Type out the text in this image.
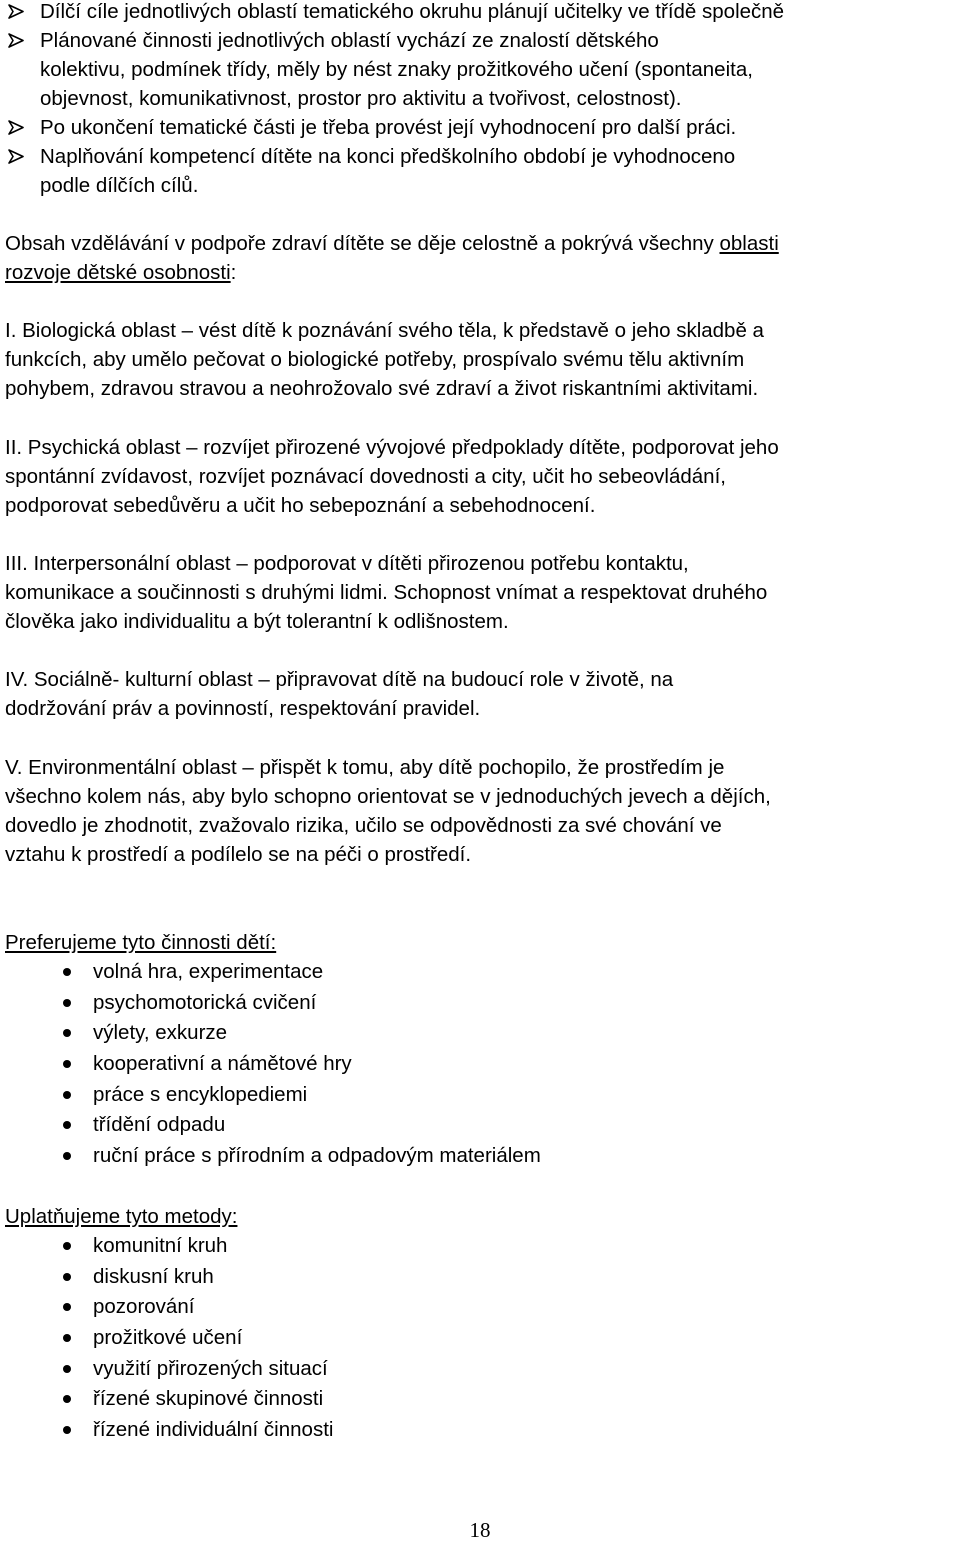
Dílčí cíle jednotlivých oblastí tematického okruhu plánují učitelky ve třídě společně
Plánované činnosti jednotlivých oblastí vychází ze znalostí dětského
kolektivu, podmínek třídy, měly by nést znaky prožitkového učení (spontaneita,
objevnost, komunikativnost, prostor pro aktivitu a tvořivost, celostnost).
Po ukončení tematické části je třeba provést její vyhodnocení pro další práci.
Naplňování kompetencí dítěte na konci předškolního období je vyhodnoceno
podle dílčích cílů.
Obsah vzdělávání v podpoře zdraví dítěte se děje celostně a pokrývá všechny oblasti
rozvoje dětské osobnosti:
I. Biologická oblast – vést dítě k poznávání svého těla, k představě o jeho skladbě a
funkcích, aby umělo pečovat o biologické potřeby, prospívalo svému tělu aktivním
pohybem, zdravou stravou a neohrožovalo své zdraví a život riskantními aktivitami.
II. Psychická oblast – rozvíjet přirozené vývojové předpoklady dítěte, podporovat jeho
spontánní zvídavost, rozvíjet poznávací dovednosti a city, učit ho sebeovládání,
podporovat sebedůvěru a učit ho sebepoznání a sebehodnocení.
III. Interpersonální oblast – podporovat v dítěti přirozenou potřebu kontaktu,
komunikace a součinnosti s druhými lidmi. Schopnost vnímat a respektovat druhého
člověka jako individualitu a být tolerantní k odlišnostem.
IV. Sociálně- kulturní oblast – připravovat dítě na budoucí role v životě, na
dodržování práv a povinností, respektování pravidel.
V. Environmentální oblast – přispět k tomu, aby dítě pochopilo, že prostředím je
všechno kolem nás, aby bylo schopno orientovat se v jednoduchých jevech a dějích,
dovedlo je zhodnotit, zvažovalo rizika, učilo se odpovědnosti za své chování ve
vztahu k prostředí a podílelo se na péči o prostředí.
Preferujeme tyto činnosti dětí:
volná hra, experimentace
psychomotorická cvičení
výlety, exkurze
kooperativní a námětové hry
práce s encyklopediemi
třídění odpadu
ruční práce s přírodním a odpadovým materiálem
Uplatňujeme tyto metody:
komunitní kruh
diskusní kruh
pozorování
prožitkové učení
využití přirozených situací
řízené skupinové činnosti
řízené individuální činnosti
18
